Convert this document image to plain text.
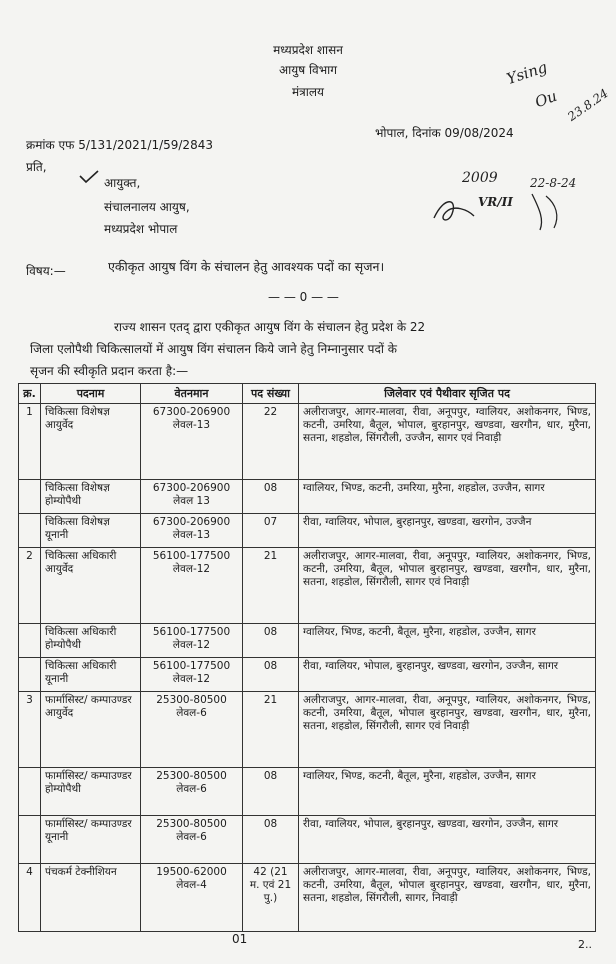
मध्यप्रदेश शासन
आयुष विभाग
मंत्रालय
Ysing
Ou 23.8.24
क्रमांक एफ 5/131/2021/1/59/2843
भोपाल, दिनांक 09/08/2024
प्रति,
आयुक्त,
संचालनालय आयुष,
मध्यप्रदेश भोपाल
2009	22-8-24
VR/II
विषय:—	एकीकृत आयुष विंग के संचालन हेतु आवश्यक पदों का सृजन।
— — 0 — —
राज्य शासन एतद् द्वारा एकीकृत आयुष विंग के संचालन हेतु प्रदेश के 22
जिला एलोपैथी चिकित्सालयों में आयुष विंग संचालन किये जाने हेतु निम्नानुसार पदों के
सृजन की स्वीकृति प्रदान करता है:—
क्र.	पदनाम	वेतनमान	पद संख्या	जिलेवार एवं पैथीवार सृजित पद
1	चिकित्सा विशेषज्ञ आयुर्वेद	67300-206900 लेवल-13	22	अलीराजपुर, आगर-मालवा, रीवा, अनूपपुर, ग्वालियर, अशोकनगर, भिण्ड, कटनी, उमरिया, बैतूल, भोपाल, बुरहानपुर, खण्डवा, खरगौन, धार, मुरैना, सतना, शहडोल, सिंगरौली, उज्जैन, सागर एवं निवाड़ी
	चिकित्सा विशेषज्ञ होम्योपैथी	67300-206900 लेवल 13	08	ग्वालियर, भिण्ड, कटनी, उमरिया, मुरैना, शहडोल, उज्जैन, सागर
	चिकित्सा विशेषज्ञ यूनानी	67300-206900 लेवल-13	07	रीवा, ग्वालियर, भोपाल, बुरहानपुर, खण्डवा, खरगोन, उज्जैन
2	चिकित्सा अधिकारी आयुर्वेद	56100-177500 लेवल-12	21	अलीराजपुर, आगर-मालवा, रीवा, अनूपपुर, ग्वालियर, अशोकनगर, भिण्ड, कटनी, उमरिया, बैतूल, भोपाल बुरहानपुर, खण्डवा, खरगौन, धार, मुरैना, सतना, शहडोल, सिंगरौली, सागर एवं निवाड़ी
	चिकित्सा अधिकारी होम्योपैथी	56100-177500 लेवल-12	08	ग्वालियर, भिण्ड, कटनी, बैतूल, मुरैना, शहडोल, उज्जैन, सागर
	चिकित्सा अधिकारी यूनानी	56100-177500 लेवल-12	08	रीवा, ग्वालियर, भोपाल, बुरहानपुर, खण्डवा, खरगोन, उज्जैन, सागर
3	फार्मासिस्ट/ कम्पाउण्डर आयुर्वेद	25300-80500 लेवल-6	21	अलीराजपुर, आगर-मालवा, रीवा, अनूपपुर, ग्वालियर, अशोकनगर, भिण्ड, कटनी, उमरिया, बैतूल, भोपाल बुरहानपुर, खण्डवा, खरगौन, धार, मुरैना, सतना, शहडोल, सिंगरौली, सागर एवं निवाड़ी
	फार्मासिस्ट/ कम्पाउण्डर होम्योपैथी	25300-80500 लेवल-6	08	ग्वालियर, भिण्ड, कटनी, बैतूल, मुरैना, शहडोल, उज्जैन, सागर
	फार्मासिस्ट/ कम्पाउण्डर यूनानी	25300-80500 लेवल-6	08	रीवा, ग्वालियर, भोपाल, बुरहानपुर, खण्डवा, खरगोन, उज्जैन, सागर
4	पंचकर्म टेक्नीशियन	19500-62000 लेवल-4	42 (21 म. एवं 21 पु.)	अलीराजपुर, आगर-मालवा, रीवा, अनूपपुर, ग्वालियर, अशोकनगर, भिण्ड, कटनी, उमरिया, बैतूल, भोपाल बुरहानपुर, खण्डवा, खरगौन, धार, मुरैना, सतना, शहडोल, सिंगरौली, सागर, निवाड़ी
01	2..
